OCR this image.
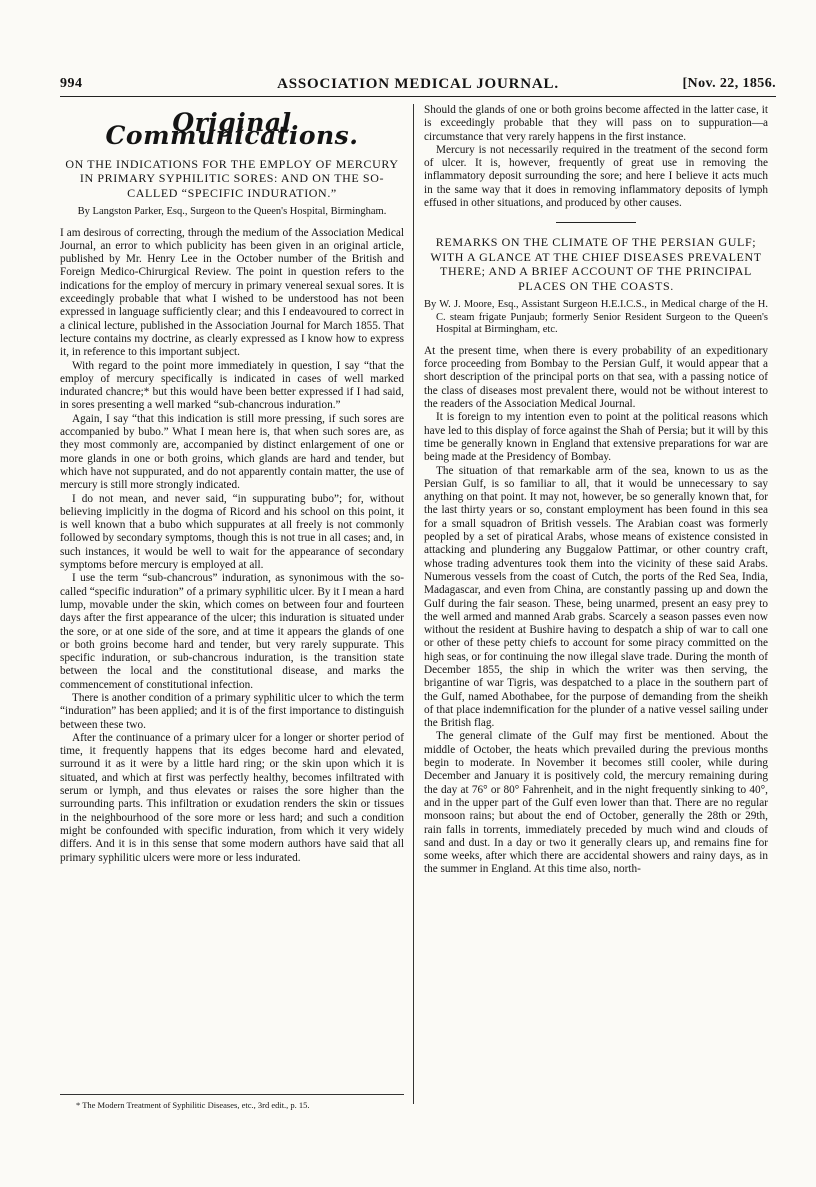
994	ASSOCIATION MEDICAL JOURNAL.	[Nov. 22, 1856.
Original Communications.
ON THE INDICATIONS FOR THE EMPLOY OF MERCURY IN PRIMARY SYPHILITIC SORES: AND ON THE SO-CALLED “SPECIFIC INDURATION.”
By Langston Parker, Esq., Surgeon to the Queen's Hospital, Birmingham.

I am desirous of correcting, through the medium of the Association Medical Journal, an error to which publicity has been given in an original article, published by Mr. Henry Lee in the October number of the British and Foreign Medico-Chirurgical Review. The point in question refers to the indications for the employ of mercury in primary venereal sexual sores. It is exceedingly probable that what I wished to be understood has not been expressed in language sufficiently clear; and this I endeavoured to correct in a clinical lecture, published in the Association Journal for March 1855. That lecture contains my doctrine, as clearly expressed as I know how to express it, in reference to this important subject.

With regard to the point more immediately in question, I say “that the employ of mercury specifically is indicated in cases of well marked indurated chancre;* but this would have been better expressed if I had said, in sores presenting a well marked “sub-chancrous induration.”

Again, I say “that this indication is still more pressing, if such sores are accompanied by bubo.” What I mean here is, that when such sores are, as they most commonly are, accompanied by distinct enlargement of one or more glands in one or both groins, which glands are hard and tender, but which have not suppurated, and do not apparently contain matter, the use of mercury is still more strongly indicated.

I do not mean, and never said, “in suppurating bubo”; for, without believing implicitly in the dogma of Ricord and his school on this point, it is well known that a bubo which suppurates at all freely is not commonly followed by secondary symptoms, though this is not true in all cases; and, in such instances, it would be well to wait for the appearance of secondary symptoms before mercury is employed at all.

I use the term “sub-chancrous” induration, as synonimous with the so-called “specific induration” of a primary syphilitic ulcer. By it I mean a hard lump, movable under the skin, which comes on between four and fourteen days after the first appearance of the ulcer; this induration is situated under the sore, or at one side of the sore, and at time it appears the glands of one or both groins become hard and tender, but very rarely suppurate. This specific induration, or sub-chancrous induration, is the transition state between the local and the constitutional disease, and marks the commencement of constitutional infection.

There is another condition of a primary syphilitic ulcer to which the term “induration” has been applied; and it is of the first importance to distinguish between these two.

After the continuance of a primary ulcer for a longer or shorter period of time, it frequently happens that its edges become hard and elevated, surround it as it were by a little hard ring; or the skin upon which it is situated, and which at first was perfectly healthy, becomes infiltrated with serum or lymph, and thus elevates or raises the sore higher than the surrounding parts. This infiltration or exudation renders the skin or tissues in the neighbourhood of the sore more or less hard; and such a condition might be confounded with specific induration, from which it very widely differs. And it is in this sense that some modern authors have said that all primary syphilitic ulcers were more or less indurated.

* The Modern Treatment of Syphilitic Diseases, etc., 3rd edit., p. 15.

Should the glands of one or both groins become affected in the latter case, it is exceedingly probable that they will pass on to suppuration—a circumstance that very rarely happens in the first instance.

Mercury is not necessarily required in the treatment of the second form of ulcer. It is, however, frequently of great use in removing the inflammatory deposit surrounding the sore; and here I believe it acts much in the same way that it does in removing inflammatory deposits of lymph effused in other situations, and produced by other causes.

REMARKS ON THE CLIMATE OF THE PERSIAN GULF; WITH A GLANCE AT THE CHIEF DISEASES PREVALENT THERE; AND A BRIEF ACCOUNT OF THE PRINCIPAL PLACES ON THE COASTS.
By W. J. Moore, Esq., Assistant Surgeon H.E.I.C.S., in Medical charge of the H. C. steam frigate Punjaub; formerly Senior Resident Surgeon to the Queen's Hospital at Birmingham, etc.

At the present time, when there is every probability of an expeditionary force proceeding from Bombay to the Persian Gulf, it would appear that a short description of the principal ports on that sea, with a passing notice of the class of diseases most prevalent there, would not be without interest to the readers of the Association Medical Journal.

It is foreign to my intention even to point at the political reasons which have led to this display of force against the Shah of Persia; but it will by this time be generally known in England that extensive preparations for war are being made at the Presidency of Bombay.

The situation of that remarkable arm of the sea, known to us as the Persian Gulf, is so familiar to all, that it would be unnecessary to say anything on that point. It may not, however, be so generally known that, for the last thirty years or so, constant employment has been found in this sea for a small squadron of British vessels. The Arabian coast was formerly peopled by a set of piratical Arabs, whose means of existence consisted in attacking and plundering any Buggalow Pattimar, or other country craft, whose trading adventures took them into the vicinity of these said Arabs. Numerous vessels from the coast of Cutch, the ports of the Red Sea, India, Madagascar, and even from China, are constantly passing up and down the Gulf during the fair season. These, being unarmed, present an easy prey to the well armed and manned Arab grabs. Scarcely a season passes even now without the resident at Bushire having to despatch a ship of war to call one or other of these petty chiefs to account for some piracy committed on the high seas, or for continuing the now illegal slave trade. During the month of December 1855, the ship in which the writer was then serving, the brigantine of war Tigris, was despatched to a place in the southern part of the Gulf, named Abothabee, for the purpose of demanding from the sheikh of that place indemnification for the plunder of a native vessel sailing under the British flag.

The general climate of the Gulf may first be mentioned. About the middle of October, the heats which prevailed during the previous months begin to moderate. In November it becomes still cooler, while during December and January it is positively cold, the mercury remaining during the day at 76° or 80° Fahrenheit, and in the night frequently sinking to 40°, and in the upper part of the Gulf even lower than that. There are no regular monsoon rains; but about the end of October, generally the 28th or 29th, rain falls in torrents, immediately preceded by much wind and clouds of sand and dust. In a day or two it generally clears up, and remains fine for some weeks, after which there are accidental showers and rainy days, as in the summer in England. At this time also, north-
